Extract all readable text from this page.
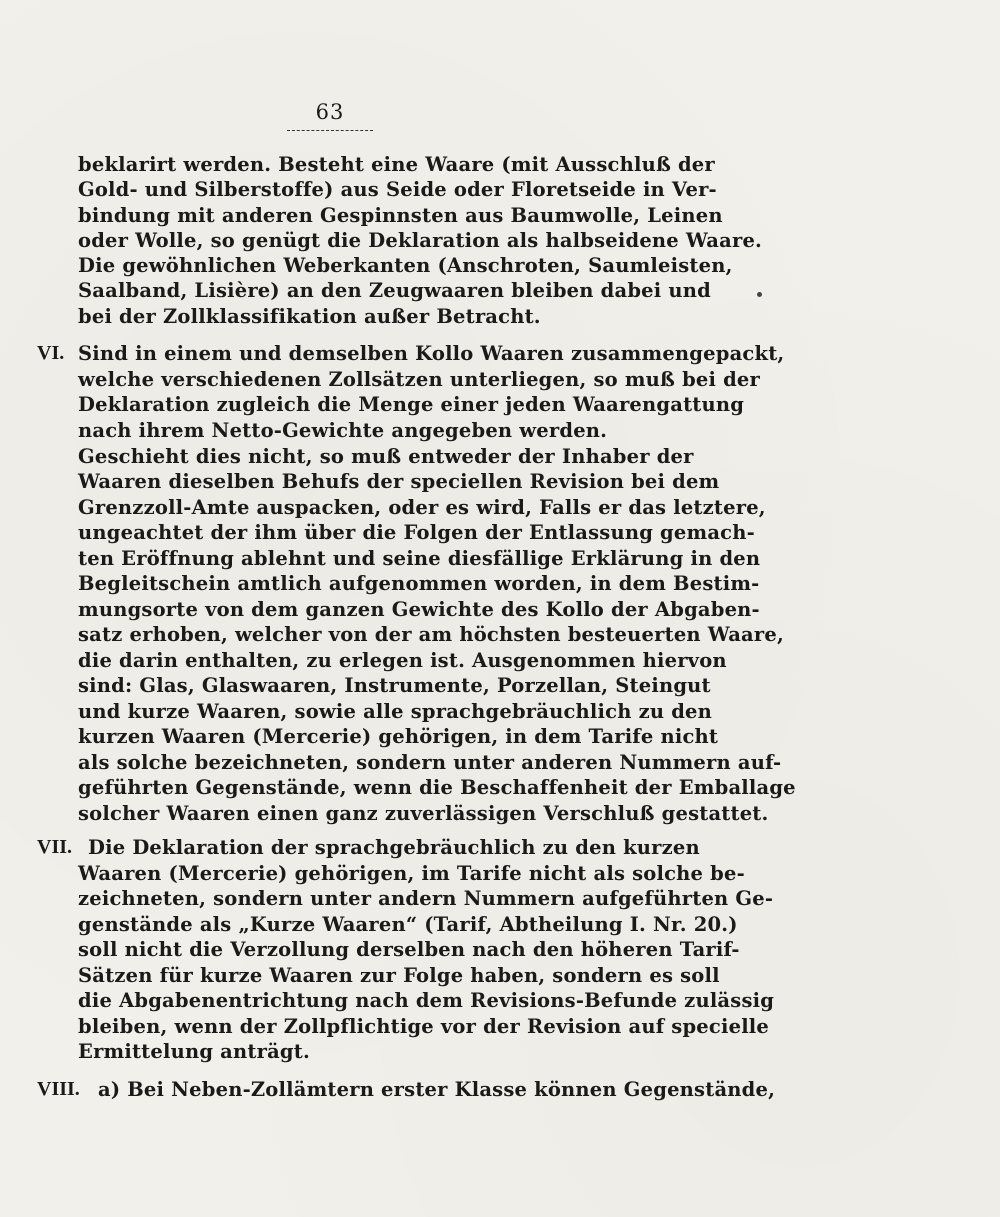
63
beklarirt werden. Besteht eine Waare (mit Ausschluß der
Gold- und Silberstoffe) aus Seide oder Floretseide in Ver-
bindung mit anderen Gespinnsten aus Baumwolle, Leinen
oder Wolle, so genügt die Deklaration als halbseidene Waare.
Die gewöhnlichen Weberkanten (Anschroten, Saumleisten,
Saalband, Lisière) an den Zeugwaaren bleiben dabei und
bei der Zollklassifikation außer Betracht.
VI. Sind in einem und demselben Kollo Waaren zusammengepackt,
welche verschiedenen Zollsätzen unterliegen, so muß bei der
Deklaration zugleich die Menge einer jeden Waarengattung
nach ihrem Netto-Gewichte angegeben werden.
Geschieht dies nicht, so muß entweder der Inhaber der
Waaren dieselben Behufs der speciellen Revision bei dem
Grenzzoll-Amte auspacken, oder es wird, Falls er das letztere,
ungeachtet der ihm über die Folgen der Entlassung gemach-
ten Eröffnung ablehnt und seine diesfällige Erklärung in den
Begleitschein amtlich aufgenommen worden, in dem Bestim-
mungsorte von dem ganzen Gewichte des Kollo der Abgaben-
satz erhoben, welcher von der am höchsten besteuerten Waare,
die darin enthalten, zu erlegen ist. Ausgenommen hiervon
sind: Glas, Glaswaaren, Instrumente, Porzellan, Steingut
und kurze Waaren, sowie alle sprachgebräuchlich zu den
kurzen Waaren (Mercerie) gehörigen, in dem Tarife nicht
als solche bezeichneten, sondern unter anderen Nummern auf-
geführten Gegenstände, wenn die Beschaffenheit der Emballage
solcher Waaren einen ganz zuverlässigen Verschluß gestattet.
VII. Die Deklaration der sprachgebräuchlich zu den kurzen
Waaren (Mercerie) gehörigen, im Tarife nicht als solche be-
zeichneten, sondern unter andern Nummern aufgeführten Ge-
genstände als „Kurze Waaren“ (Tarif, Abtheilung I. Nr. 20.)
soll nicht die Verzollung derselben nach den höheren Tarif-
Sätzen für kurze Waaren zur Folge haben, sondern es soll
die Abgabenentrichtung nach dem Revisions-Befunde zulässig
bleiben, wenn der Zollpflichtige vor der Revision auf specielle
Ermittelung anträgt.
VIII. a) Bei Neben-Zollämtern erster Klasse können Gegenstände,
